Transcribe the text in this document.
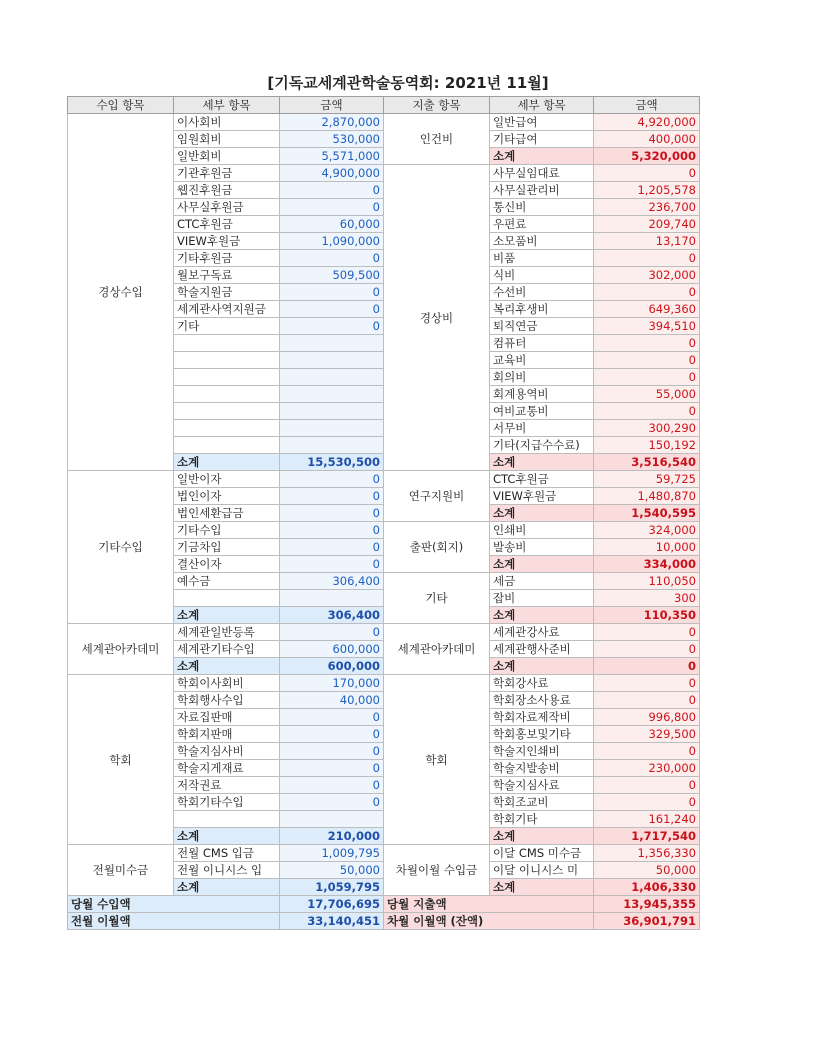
[기독교세계관학술동역회: 2021년 11월]
수입 항목	세부 항목	금액	지출 항목	세부 항목	금액
경상수입	이사회비	2,870,000	인건비	일반급여	4,920,000
	임원회비	530,000		기타급여	400,000
	일반회비	5,571,000		소계	5,320,000
	기관후원금	4,900,000	경상비	사무실임대료	0
	웹진후원금	0		사무실관리비	1,205,578
	사무실후원금	0		통신비	236,700
	CTC후원금	60,000		우편료	209,740
	VIEW후원금	1,090,000		소모품비	13,170
	기타후원금	0		비품	0
	월보구독료	509,500		식비	302,000
	학술지원금	0		수선비	0
	세계관사역지원금	0		복리후생비	649,360
	기타	0		퇴직연금	394,510
				컴퓨터	0
				교육비	0
				회의비	0
				회계용역비	55,000
				여비교통비	0
				서무비	300,290
				기타(지급수수료)	150,192
	소계	15,530,500		소계	3,516,540
기타수입	일반이자	0	연구지원비	CTC후원금	59,725
	법인이자	0		VIEW후원금	1,480,870
	법인세환급금	0		소계	1,540,595
	기타수입	0	출판(회지)	인쇄비	324,000
	기금차입	0		발송비	10,000
	결산이자	0		소계	334,000
	예수금	306,400	기타	세금	110,050
				잡비	300
	소계	306,400		소계	110,350
세계관아카데미	세계관일반등록	0	세계관아카데미	세계관강사료	0
	세계관기타수입	600,000		세계관행사준비	0
	소계	600,000		소계	0
학회	학회이사회비	170,000	학회	학회강사료	0
	학회행사수입	40,000		학회장소사용료	0
	자료집판매	0		학회자료제작비	996,800
	학회지판매	0		학회홍보및기타	329,500
	학술지심사비	0		학술지인쇄비	0
	학술지게재료	0		학술지발송비	230,000
	저작권료	0		학술지심사료	0
	학회기타수입	0		학회조교비	0
				학회기타	161,240
	소계	210,000		소계	1,717,540
전월미수금	전월 CMS 입금	1,009,795	차월이월 수입금	이달 CMS 미수금	1,356,330
	전월 이니시스 입	50,000		이달 이니시스 미	50,000
	소계	1,059,795		소계	1,406,330
당월 수입액		17,706,695	당월 지출액		13,945,355
전월 이월액		33,140,451	차월 이월액 (잔액)		36,901,791
